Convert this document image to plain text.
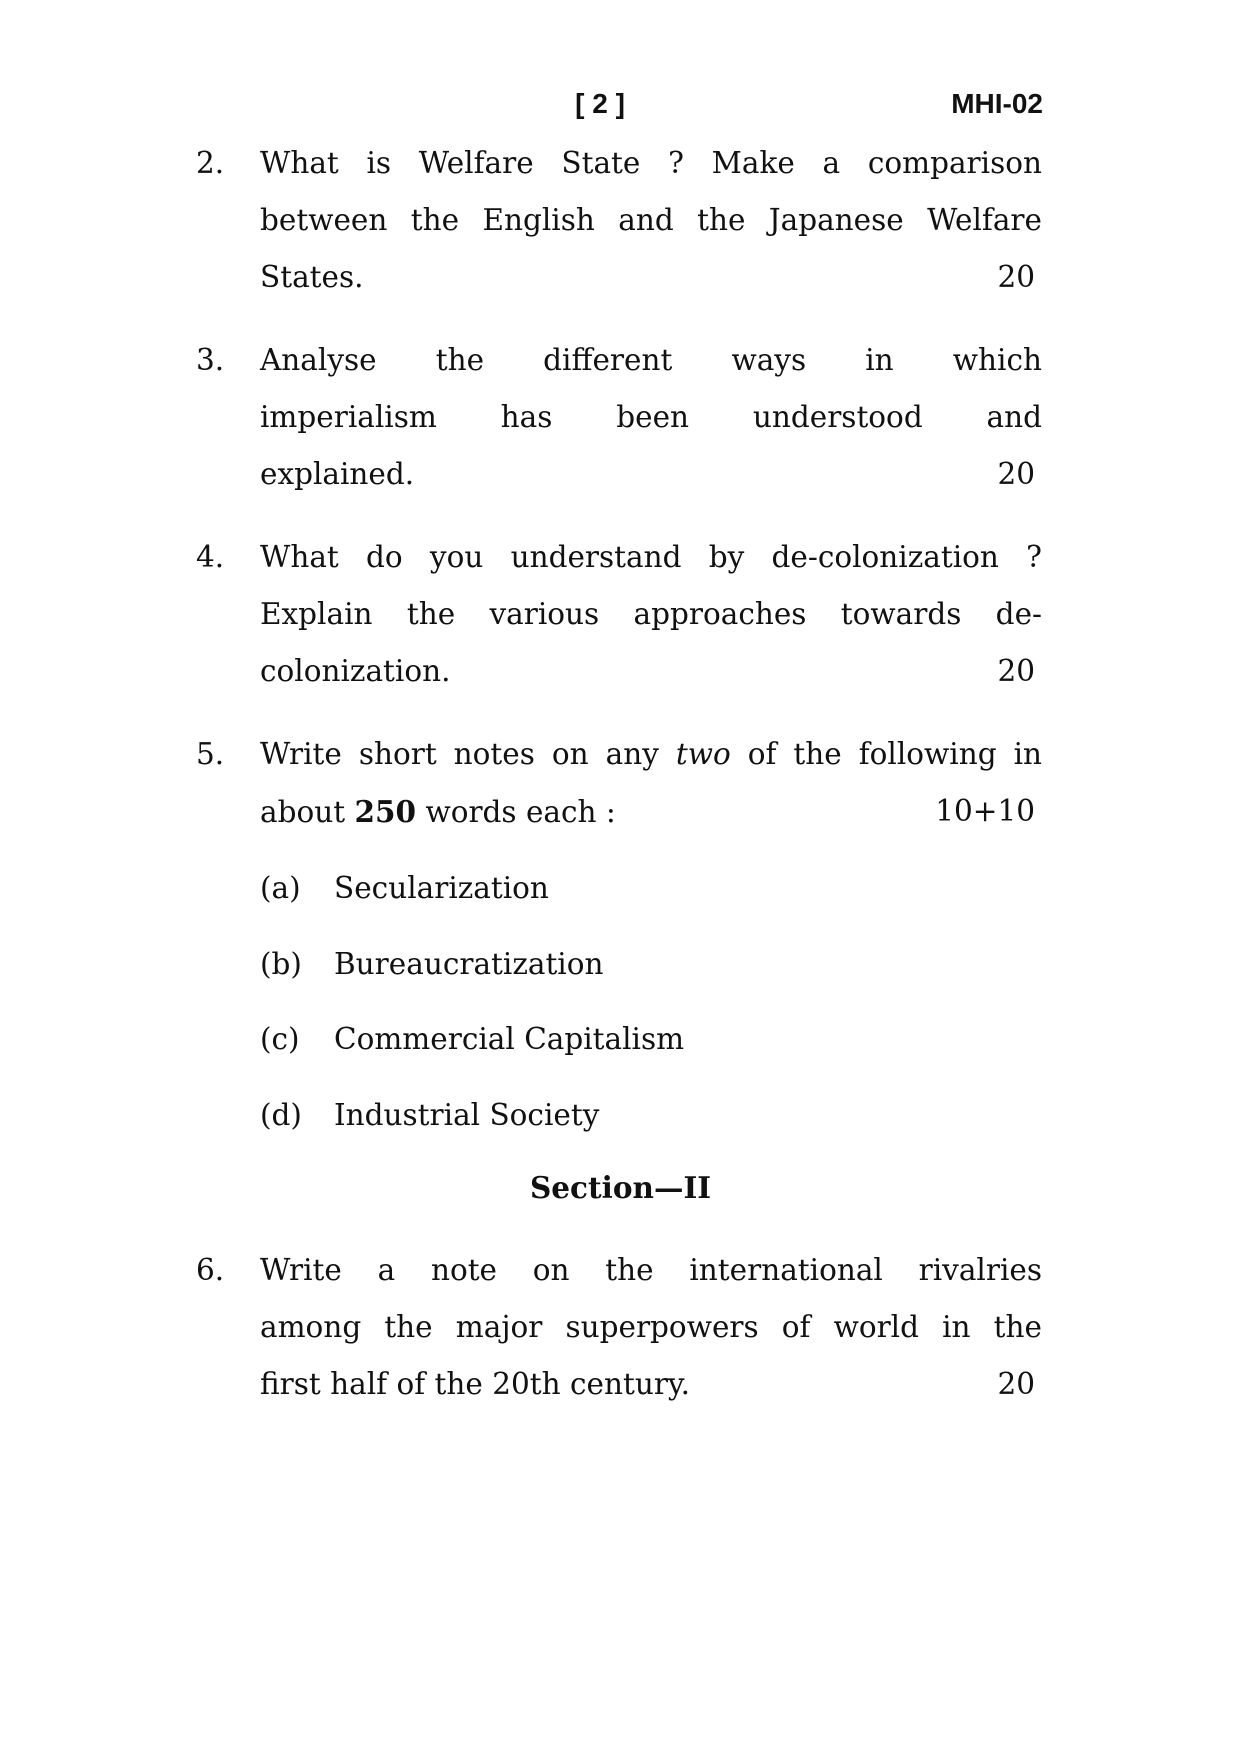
[ 2 ]	MHI-02
2. What is Welfare State ? Make a comparison
between the English and the Japanese Welfare
States.	20
3. Analyse the different ways in which
imperialism has been understood and
explained.	20
4. What do you understand by de-colonization ?
Explain the various approaches towards de-
colonization.	20
5. Write short notes on any two of the following in
about 250 words each :	10+10
(a) Secularization
(b) Bureaucratization
(c) Commercial Capitalism
(d) Industrial Society
Section—II
6. Write a note on the international rivalries
among the major superpowers of world in the
first half of the 20th century.	20
